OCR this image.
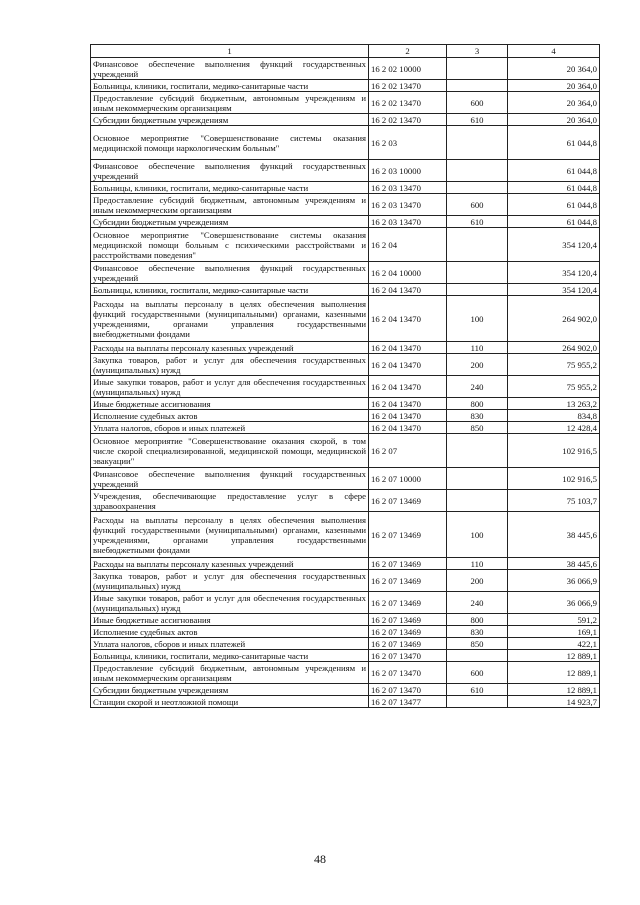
1	2	3	4
Финансовое обеспечение выполнения функций государственных учреждений	16 2 02 10000		20 364,0
Больницы, клиники, госпитали, медико-санитарные части	16 2 02 13470		20 364,0
Предоставление субсидий бюджетным, автономным учреждениям и иным некоммерческим организациям	16 2 02 13470	600	20 364,0
Субсидии бюджетным учреждениям	16 2 02 13470	610	20 364,0
Основное мероприятие "Совершенствование системы оказания медицинской помощи наркологическим больным"	16 2 03		61 044,8
Финансовое обеспечение выполнения функций государственных учреждений	16 2 03 10000		61 044,8
Больницы, клиники, госпитали, медико-санитарные части	16 2 03 13470		61 044,8
Предоставление субсидий бюджетным, автономным учреждениям и иным некоммерческим организациям	16 2 03 13470	600	61 044,8
Субсидии бюджетным учреждениям	16 2 03 13470	610	61 044,8
Основное мероприятие "Совершенствование системы оказания медицинской помощи больным с психическими расстройствами и расстройствами поведения"	16 2 04		354 120,4
Финансовое обеспечение выполнения функций государственных учреждений	16 2 04 10000		354 120,4
Больницы, клиники, госпитали, медико-санитарные части	16 2 04 13470		354 120,4
Расходы на выплаты персоналу в целях обеспечения выполнения функций государственными (муниципальными) органами, казенными учреждениями, органами управления государственными внебюджетными фондами	16 2 04 13470	100	264 902,0
Расходы на выплаты персоналу казенных учреждений	16 2 04 13470	110	264 902,0
Закупка товаров, работ и услуг для обеспечения государственных (муниципальных) нужд	16 2 04 13470	200	75 955,2
Иные закупки товаров, работ и услуг для обеспечения государственных (муниципальных) нужд	16 2 04 13470	240	75 955,2
Иные бюджетные ассигнования	16 2 04 13470	800	13 263,2
Исполнение судебных актов	16 2 04 13470	830	834,8
Уплата налогов, сборов и иных платежей	16 2 04 13470	850	12 428,4
Основное мероприятие "Совершенствование оказания скорой, в том числе скорой специализированной, медицинской помощи, медицинской эвакуации"	16 2 07		102 916,5
Финансовое обеспечение выполнения функций государственных учреждений	16 2 07 10000		102 916,5
Учреждения, обеспечивающие предоставление услуг в сфере здравоохранения	16 2 07 13469		75 103,7
Расходы на выплаты персоналу в целях обеспечения выполнения функций государственными (муниципальными) органами, казенными учреждениями, органами управления государственными внебюджетными фондами	16 2 07 13469	100	38 445,6
Расходы на выплаты персоналу казенных учреждений	16 2 07 13469	110	38 445,6
Закупка товаров, работ и услуг для обеспечения государственных (муниципальных) нужд	16 2 07 13469	200	36 066,9
Иные закупки товаров, работ и услуг для обеспечения государственных (муниципальных) нужд	16 2 07 13469	240	36 066,9
Иные бюджетные ассигнования	16 2 07 13469	800	591,2
Исполнение судебных актов	16 2 07 13469	830	169,1
Уплата налогов, сборов и иных платежей	16 2 07 13469	850	422,1
Больницы, клиники, госпитали, медико-санитарные части	16 2 07 13470		12 889,1
Предоставление субсидий бюджетным, автономным учреждениям и иным некоммерческим организациям	16 2 07 13470	600	12 889,1
Субсидии бюджетным учреждениям	16 2 07 13470	610	12 889,1
Станции скорой и неотложной помощи	16 2 07 13477		14 923,7
48
